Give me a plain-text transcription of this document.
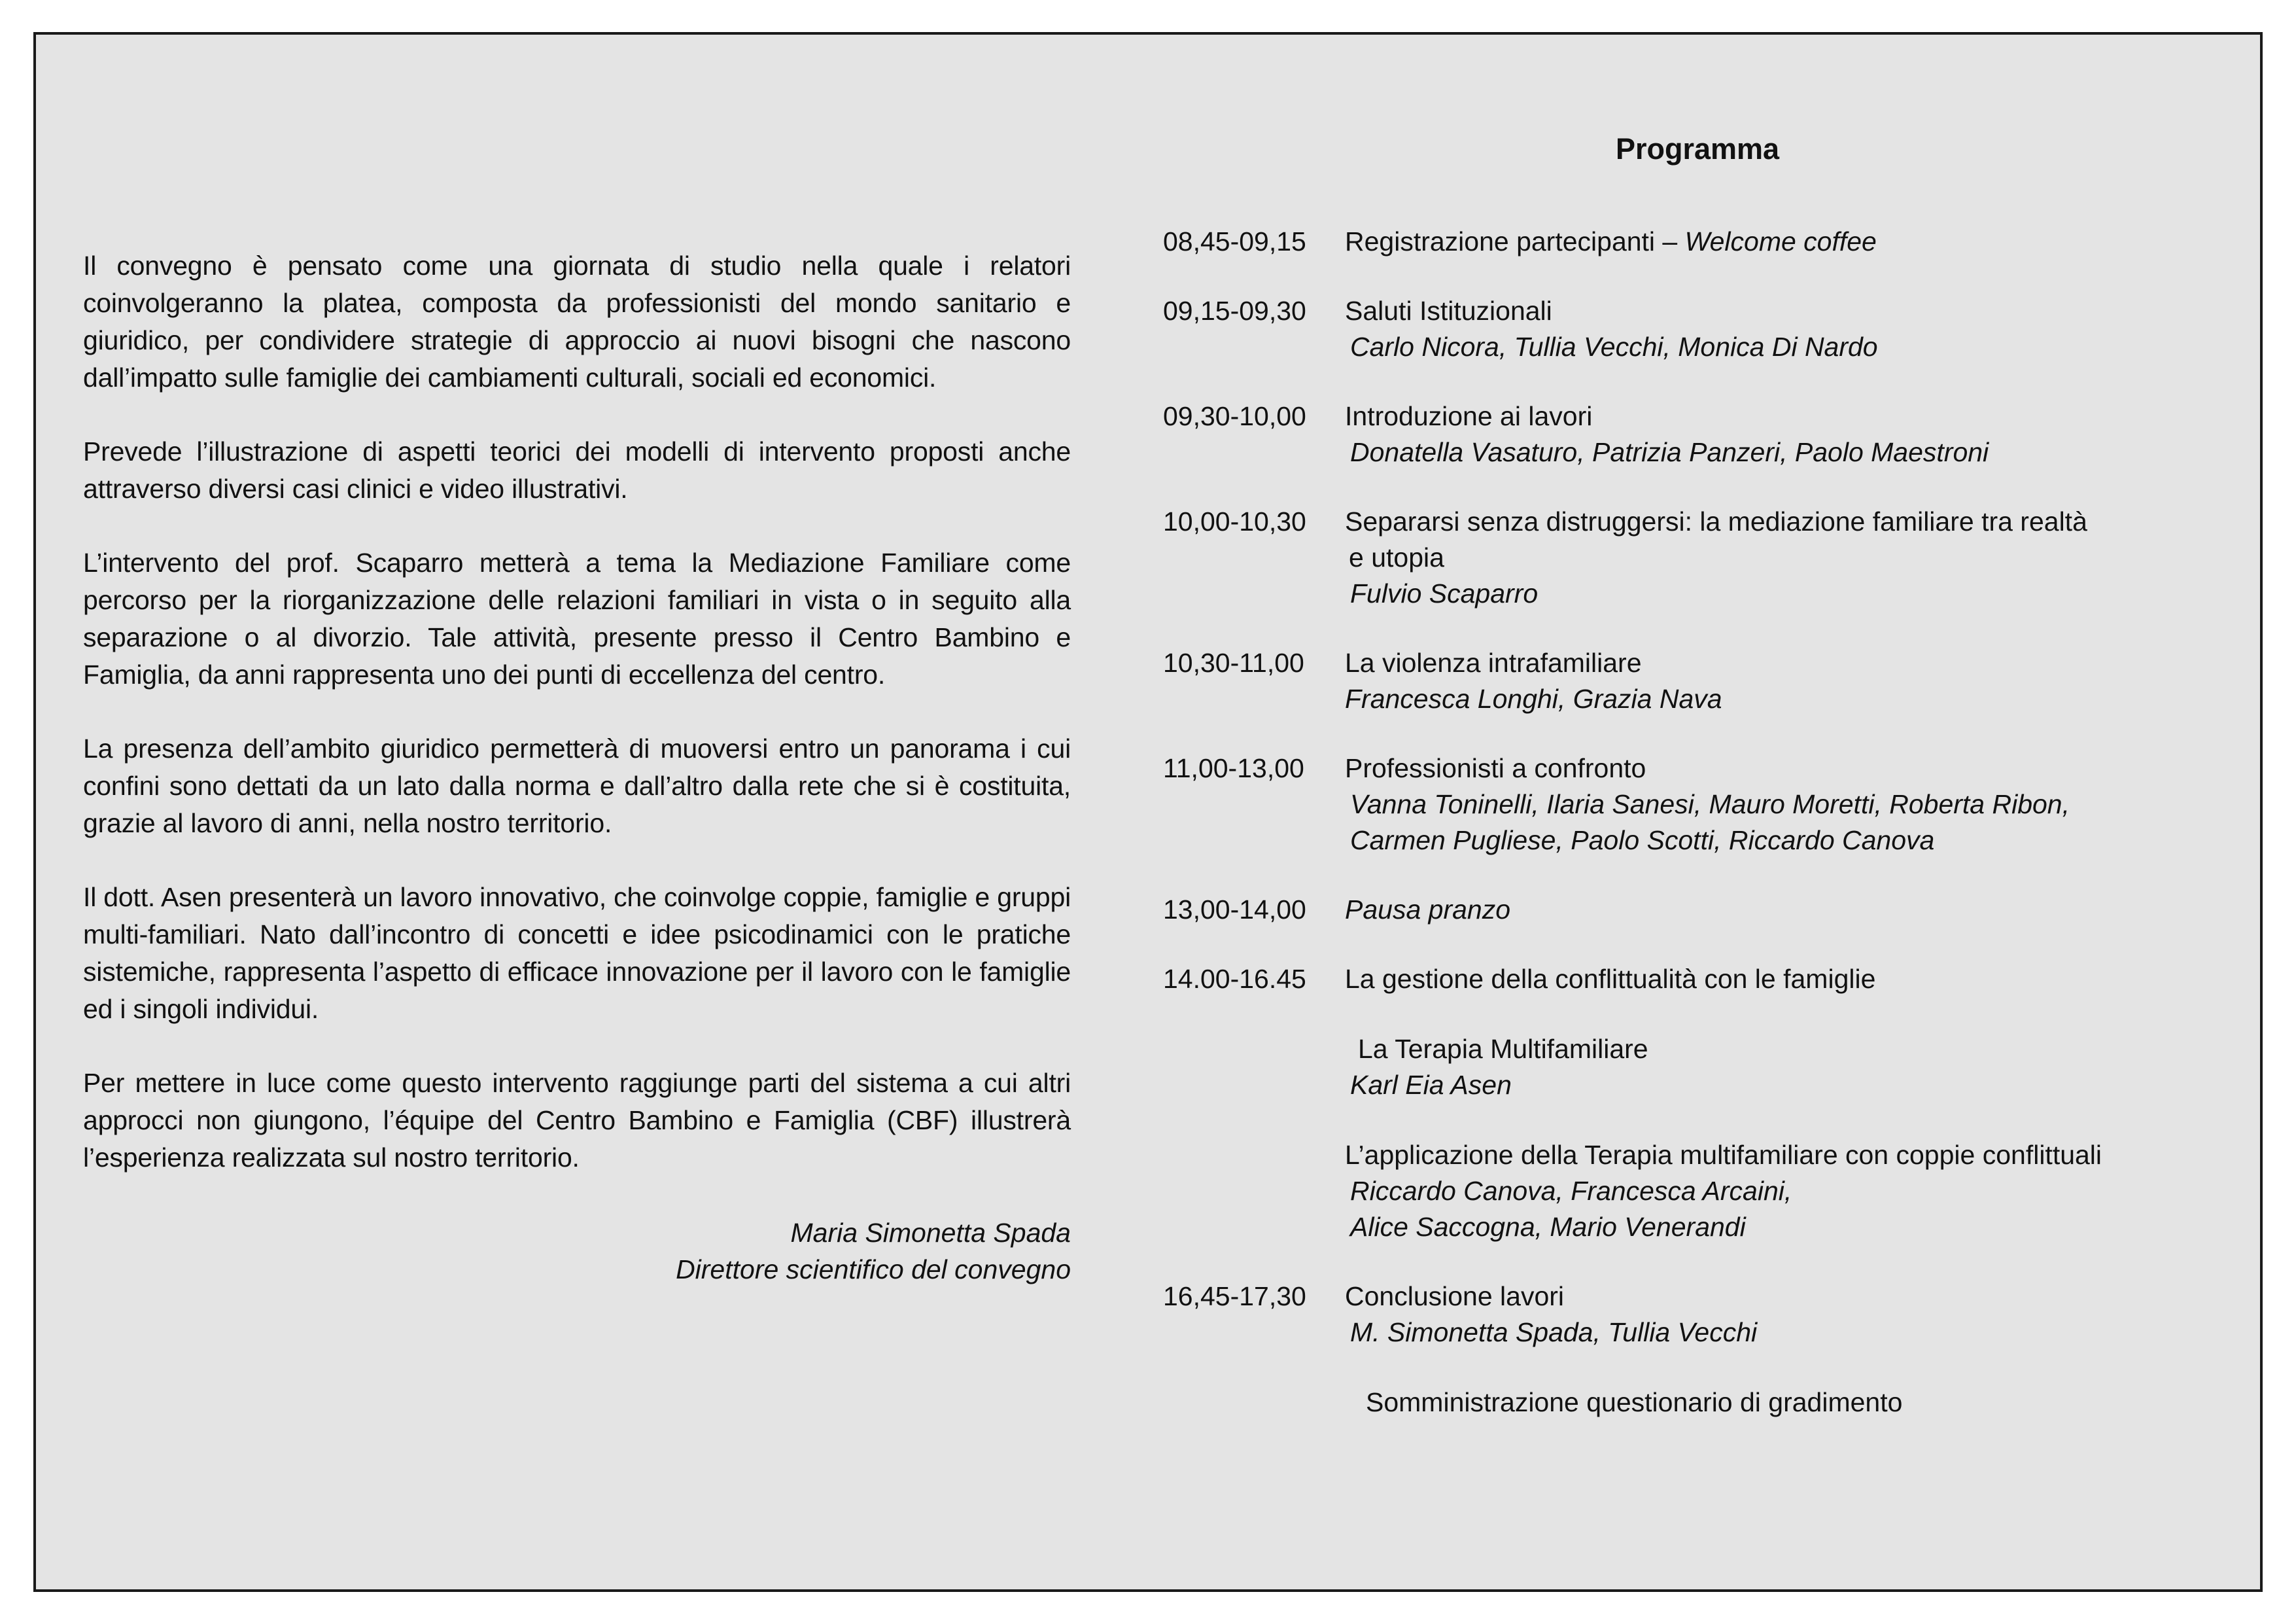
Il convegno è pensato come una giornata di studio nella quale i relatori coinvolgeranno la platea, composta da professionisti del mondo sanitario e giuridico, per condividere strategie di approccio ai nuovi bisogni che nascono dall’impatto sulle famiglie dei cambiamenti culturali, sociali ed economici.

Prevede l’illustrazione di aspetti teorici dei modelli di intervento proposti anche attraverso diversi casi clinici e video illustrativi.

L’intervento del prof. Scaparro metterà a tema la Mediazione Familiare come percorso per la riorganizzazione delle relazioni familiari in vista o in seguito alla separazione o al divorzio. Tale attività, presente presso il Centro Bambino e Famiglia, da anni rappresenta uno dei punti di eccellenza del centro.

La presenza dell’ambito giuridico permetterà di muoversi entro un panorama i cui confini sono dettati da un lato dalla norma e dall’altro dalla rete che si è costituita, grazie al lavoro di anni, nella nostro territorio.

Il dott. Asen presenterà un lavoro innovativo, che coinvolge coppie, famiglie e gruppi multi-familiari. Nato dall’incontro di concetti e idee psicodinamici con le pratiche sistemiche, rappresenta l’aspetto di efficace innovazione per il lavoro con le famiglie ed i singoli individui.

Per mettere in luce come questo intervento raggiunge parti del sistema a cui altri approcci non giungono, l’équipe del Centro Bambino e Famiglia (CBF) illustrerà l’esperienza realizzata sul nostro territorio.

Maria Simonetta Spada
Direttore scientifico del convegno
Programma
08,45-09,15	Registrazione partecipanti – Welcome coffee
09,15-09,30	Saluti Istituzionali
Carlo Nicora, Tullia Vecchi, Monica Di Nardo
09,30-10,00	Introduzione ai lavori
Donatella Vasaturo, Patrizia Panzeri, Paolo Maestroni
10,00-10,30	Separarsi senza distruggersi: la mediazione familiare tra realtà
e utopia
Fulvio Scaparro
10,30-11,00	La violenza intrafamiliare
Francesca Longhi, Grazia Nava
11,00-13,00	Professionisti a confronto
Vanna Toninelli, Ilaria Sanesi, Mauro Moretti, Roberta Ribon,
Carmen Pugliese, Paolo Scotti, Riccardo Canova
13,00-14,00	Pausa pranzo
14.00-16.45	La gestione della conflittualità con le famiglie
La Terapia Multifamiliare
Karl Eia Asen
L’applicazione della Terapia multifamiliare con coppie conflittuali
Riccardo Canova, Francesca Arcaini,
Alice Saccogna, Mario Venerandi
16,45-17,30	Conclusione lavori
M. Simonetta Spada, Tullia Vecchi
Somministrazione questionario di gradimento
